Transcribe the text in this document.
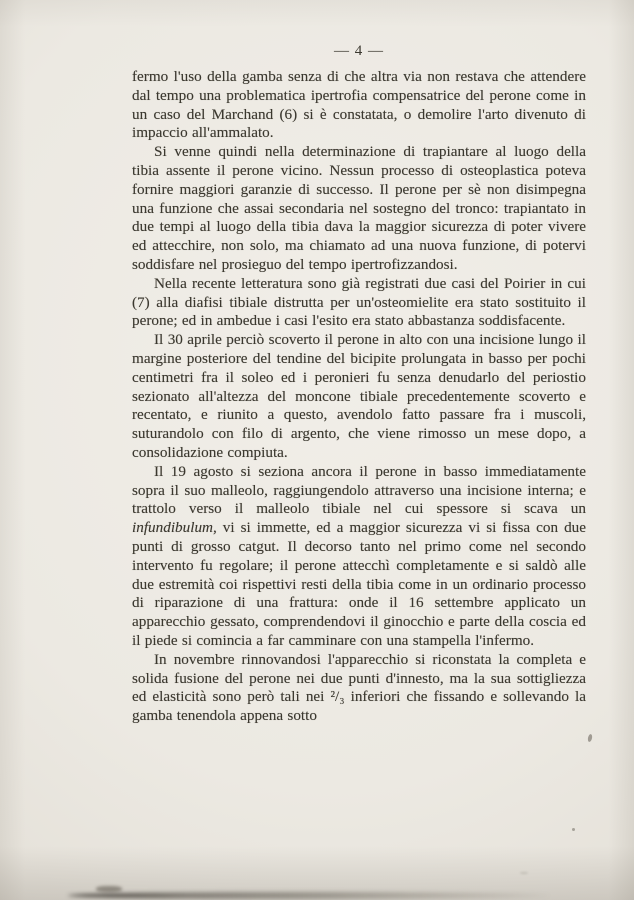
— 4 —

fermo l'uso della gamba senza di che altra via non restava che attendere dal tempo una problematica ipertrofia compensatrice del perone come in un caso del Marchand (6) si è constatata, o demolire l'arto divenuto di impaccio all'ammalato.

Si venne quindi nella determinazione di trapiantare al luogo della tibia assente il perone vicino. Nessun processo di osteoplastica poteva fornire maggiori garanzie di successo. Il perone per sè non disimpegna una funzione che assai secondaria nel sostegno del tronco: trapiantato in due tempi al luogo della tibia dava la maggior sicurezza di poter vivere ed attecchire, non solo, ma chiamato ad una nuova funzione, di potervi soddisfare nel prosieguo del tempo ipertrofizzandosi.

Nella recente letteratura sono già registrati due casi del Poirier in cui (7) alla diafisi tibiale distrutta per un'osteomielite era stato sostituito il perone; ed in ambedue i casi l'esito era stato abbastanza soddisfacente.

Il 30 aprile perciò scoverto il perone in alto con una incisione lungo il margine posteriore del tendine del bicipite prolungata in basso per pochi centimetri fra il soleo ed i peronieri fu senza denudarlo del periostio sezionato all'altezza del moncone tibiale precedentemente scoverto e recentato, e riunito a questo, avendolo fatto passare fra i muscoli, suturandolo con filo di argento, che viene rimosso un mese dopo, a consolidazione compiuta.

Il 19 agosto si seziona ancora il perone in basso immediatamente sopra il suo malleolo, raggiungendolo attraverso una incisione interna; e trattolo verso il malleolo tibiale nel cui spessore si scava un infundibulum, vi si immette, ed a maggior sicurezza vi si fissa con due punti di grosso catgut. Il decorso tanto nel primo come nel secondo intervento fu regolare; il perone attecchì completamente e si saldò alle due estremità coi rispettivi resti della tibia come in un ordinario processo di riparazione di una frattura: onde il 16 settembre applicato un apparecchio gessato, comprendendovi il ginocchio e parte della coscia ed il piede si comincia a far camminare con una stampella l'infermo.

In novembre rinnovandosi l'apparecchio si riconstata la completa e solida fusione del perone nei due punti d'innesto, ma la sua sottigliezza ed elasticità sono però tali nei ²/₃ inferiori che fissando e sollevando la gamba tenendola appena sotto
